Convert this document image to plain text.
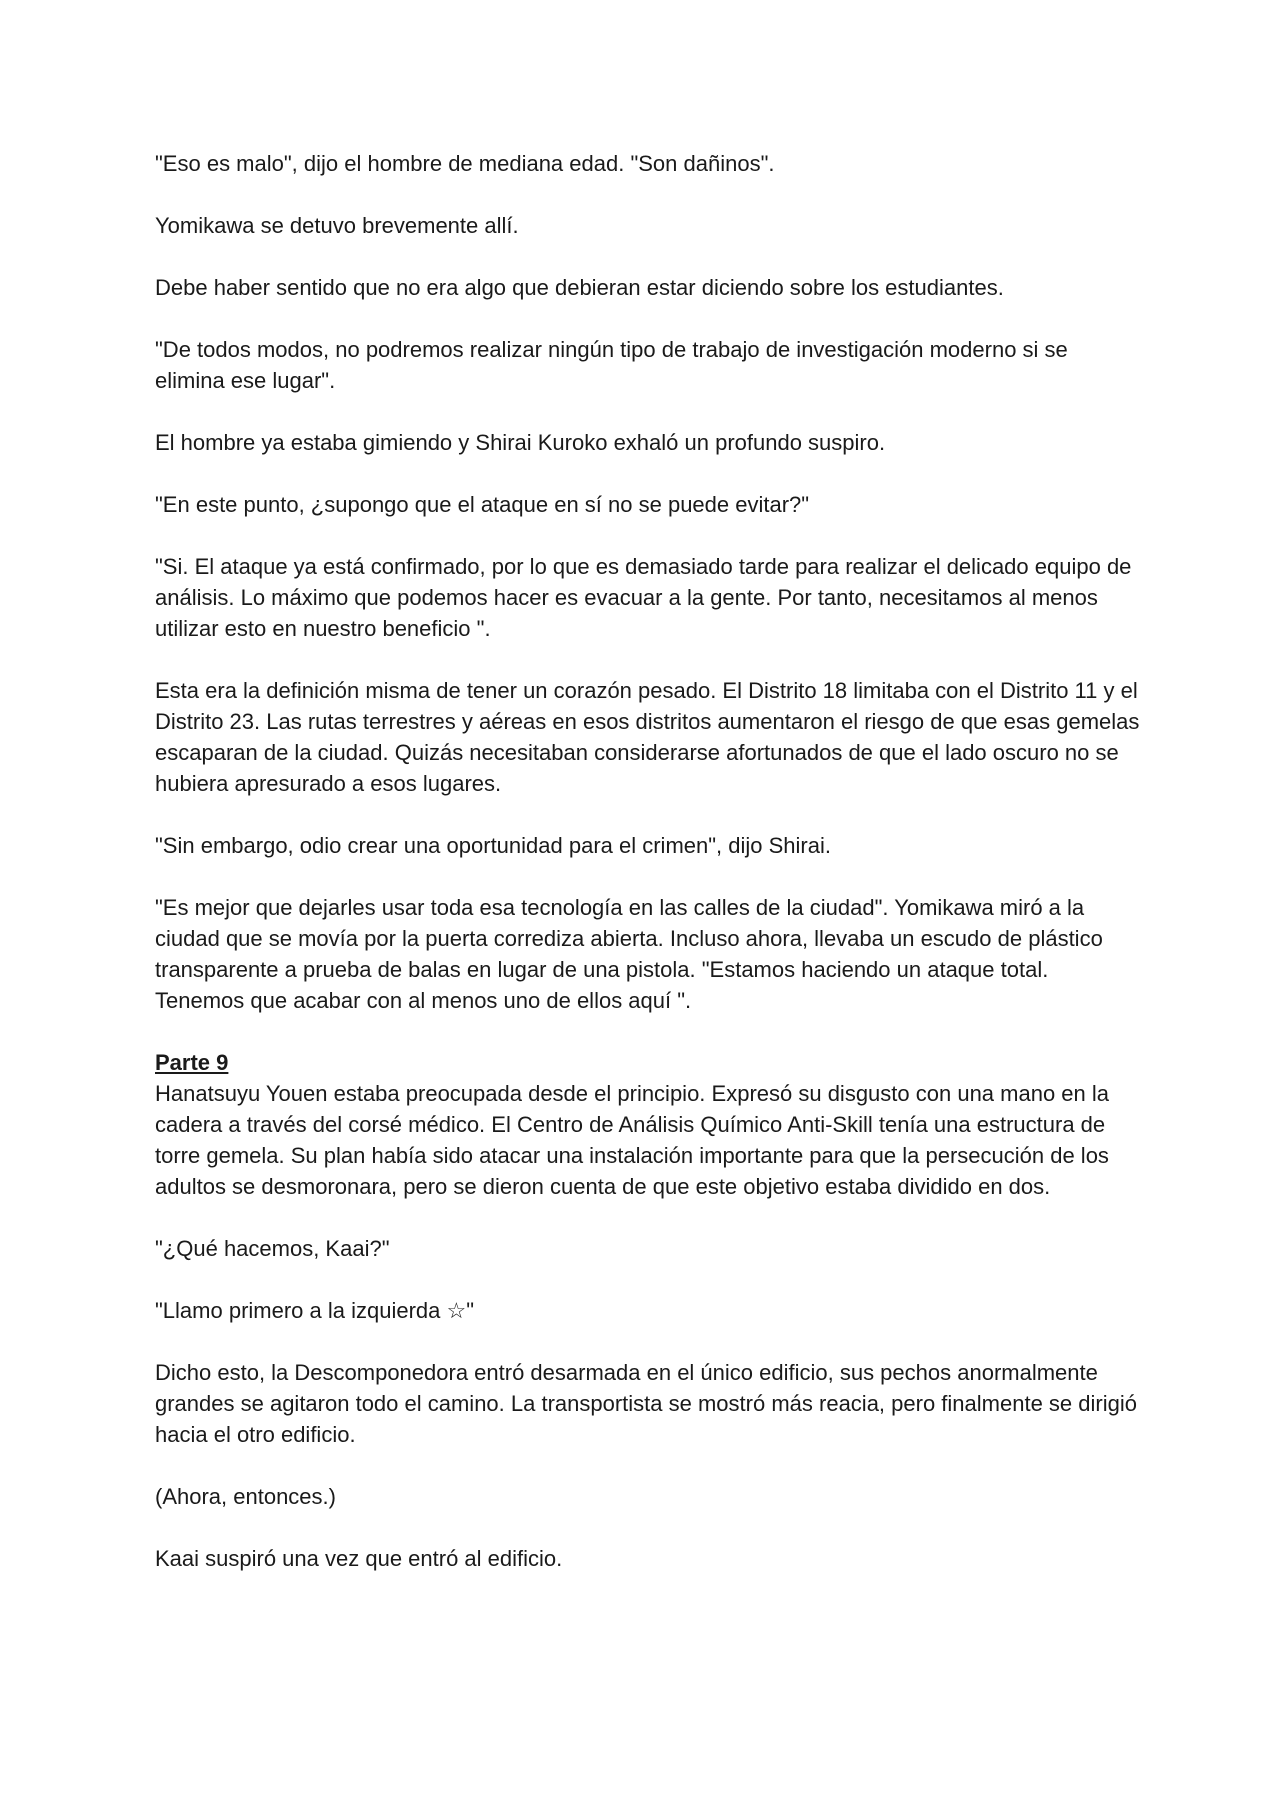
"Eso es malo", dijo el hombre de mediana edad. "Son dañinos".

Yomikawa se detuvo brevemente allí.

Debe haber sentido que no era algo que debieran estar diciendo sobre los estudiantes.

"De todos modos, no podremos realizar ningún tipo de trabajo de investigación moderno si se elimina ese lugar".

El hombre ya estaba gimiendo y Shirai Kuroko exhaló un profundo suspiro.

"En este punto, ¿supongo que el ataque en sí no se puede evitar?"

"Si. El ataque ya está confirmado, por lo que es demasiado tarde para realizar el delicado equipo de análisis. Lo máximo que podemos hacer es evacuar a la gente. Por tanto, necesitamos al menos utilizar esto en nuestro beneficio ".

Esta era la definición misma de tener un corazón pesado. El Distrito 18 limitaba con el Distrito 11 y el Distrito 23. Las rutas terrestres y aéreas en esos distritos aumentaron el riesgo de que esas gemelas escaparan de la ciudad. Quizás necesitaban considerarse afortunados de que el lado oscuro no se hubiera apresurado a esos lugares.

"Sin embargo, odio crear una oportunidad para el crimen", dijo Shirai.

"Es mejor que dejarles usar toda esa tecnología en las calles de la ciudad". Yomikawa miró a la ciudad que se movía por la puerta corrediza abierta. Incluso ahora, llevaba un escudo de plástico transparente a prueba de balas en lugar de una pistola. "Estamos haciendo un ataque total. Tenemos que acabar con al menos uno de ellos aquí ".

Parte 9

Hanatsuyu Youen estaba preocupada desde el principio. Expresó su disgusto con una mano en la cadera a través del corsé médico. El Centro de Análisis Químico Anti-Skill tenía una estructura de torre gemela. Su plan había sido atacar una instalación importante para que la persecución de los adultos se desmoronara, pero se dieron cuenta de que este objetivo estaba dividido en dos.

"¿Qué hacemos, Kaai?"

"Llamo primero a la izquierda ☆"

Dicho esto, la Descomponedora entró desarmada en el único edificio, sus pechos anormalmente grandes se agitaron todo el camino. La transportista se mostró más reacia, pero finalmente se dirigió hacia el otro edificio.

(Ahora, entonces.)

Kaai suspiró una vez que entró al edificio.
